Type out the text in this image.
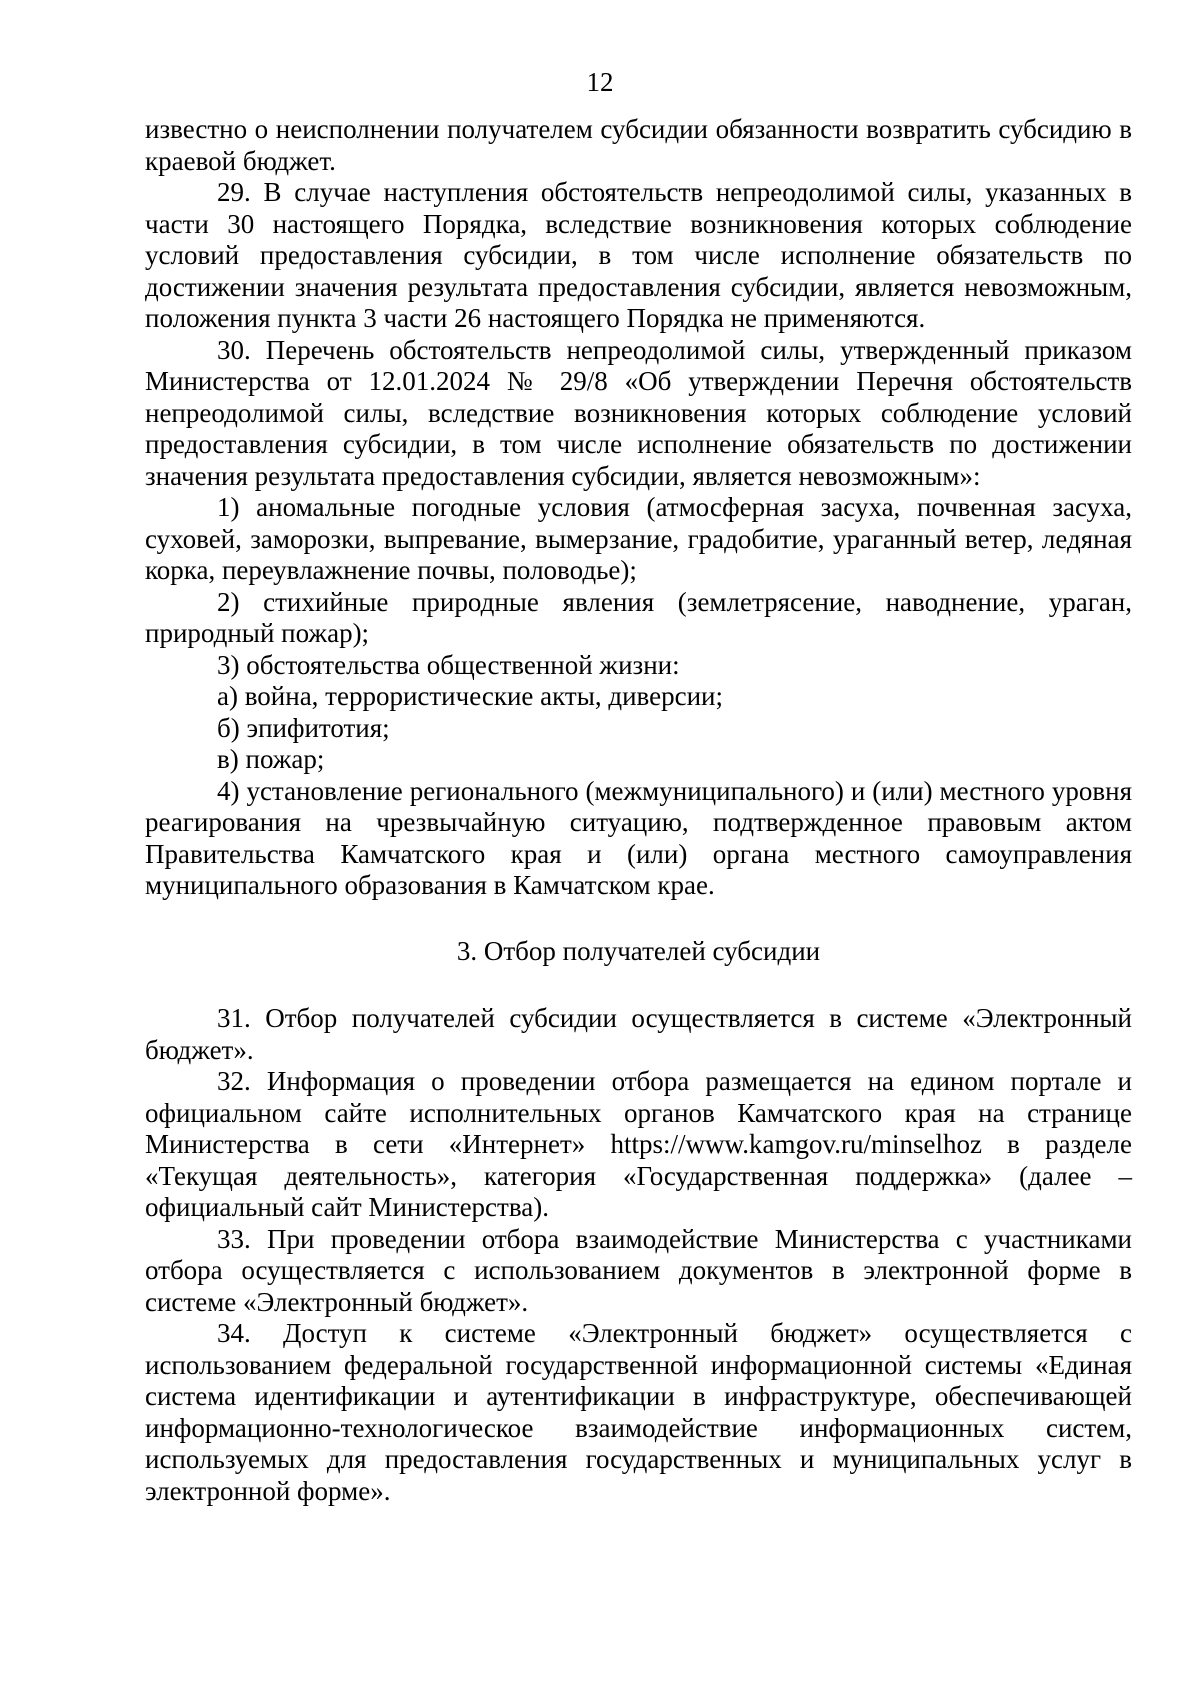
12

известно о неисполнении получателем субсидии обязанности возвратить субсидию в краевой бюджет.

29. В случае наступления обстоятельств непреодолимой силы, указанных в части 30 настоящего Порядка, вследствие возникновения которых соблюдение условий предоставления субсидии, в том числе исполнение обязательств по достижении значения результата предоставления субсидии, является невозможным, положения пункта 3 части 26 настоящего Порядка не применяются.

30. Перечень обстоятельств непреодолимой силы, утвержденный приказом Министерства от 12.01.2024 № 29/8 «Об утверждении Перечня обстоятельств непреодолимой силы, вследствие возникновения которых соблюдение условий предоставления субсидии, в том числе исполнение обязательств по достижении значения результата предоставления субсидии, является невозможным»:

1) аномальные погодные условия (атмосферная засуха, почвенная засуха, суховей, заморозки, выпревание, вымерзание, градобитие, ураганный ветер, ледяная корка, переувлажнение почвы, половодье);

2) стихийные природные явления (землетрясение, наводнение, ураган, природный пожар);

3) обстоятельства общественной жизни:

а) война, террористические акты, диверсии;

б) эпифитотия;

в) пожар;

4) установление регионального (межмуниципального) и (или) местного уровня реагирования на чрезвычайную ситуацию, подтвержденное правовым актом Правительства Камчатского края и (или) органа местного самоуправления муниципального образования в Камчатском крае.

3. Отбор получателей субсидии

31. Отбор получателей субсидии осуществляется в системе «Электронный бюджет».

32. Информация о проведении отбора размещается на едином портале и официальном сайте исполнительных органов Камчатского края на странице Министерства в сети «Интернет» https://www.kamgov.ru/minselhoz в разделе «Текущая деятельность», категория «Государственная поддержка» (далее – официальный сайт Министерства).

33. При проведении отбора взаимодействие Министерства с участниками отбора осуществляется с использованием документов в электронной форме в системе «Электронный бюджет».

34. Доступ к системе «Электронный бюджет» осуществляется с использованием федеральной государственной информационной системы «Единая система идентификации и аутентификации в инфраструктуре, обеспечивающей информационно-технологическое взаимодействие информационных систем, используемых для предоставления государственных и муниципальных услуг в электронной форме».
